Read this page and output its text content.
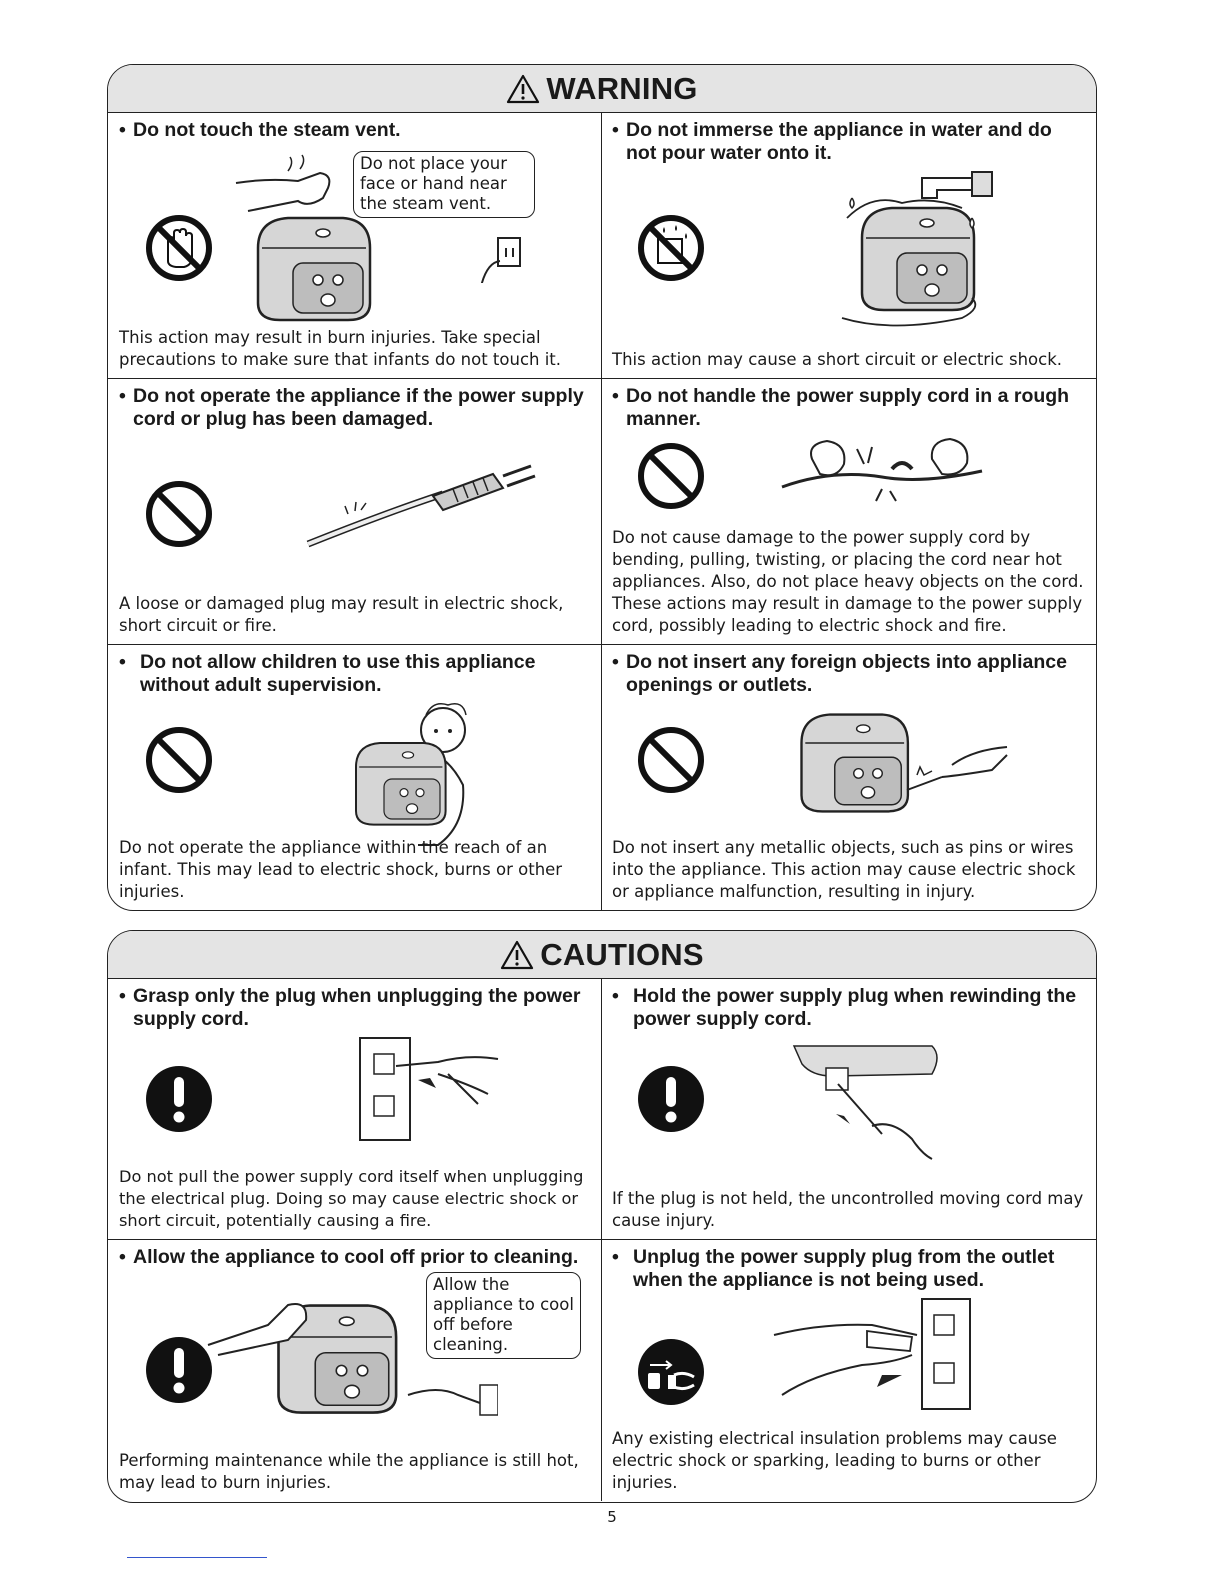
WARNING
• Do not touch the steam vent.
Do not place your face or hand near the steam vent.
This action may result in burn injuries. Take special precautions to make sure that infants do not touch it.
• Do not immerse the appliance in water and do not pour water onto it.
This action may cause a short circuit or electric shock.
• Do not operate the appliance if the power supply cord or plug has been damaged.
A loose or damaged plug may result in electric shock, short circuit or fire.
• Do not handle the power supply cord in a rough manner.
Do not cause damage to the power supply cord by bending, pulling, twisting, or placing the cord near hot appliances. Also, do not place heavy objects on the cord. These actions may result in damage to the power supply cord, possibly leading to electric shock and fire.
• Do not allow children to use this appliance without adult supervision.
Do not operate the appliance within the reach of an infant. This may lead to electric shock, burns or other injuries.
• Do not insert any foreign objects into appliance openings or outlets.
Do not insert any metallic objects, such as pins or wires into the appliance. This action may cause electric shock or appliance malfunction, resulting in injury.
CAUTIONS
• Grasp only the plug when unplugging the power supply cord.
Do not pull the power supply cord itself when unplugging the electrical plug. Doing so may cause electric shock or short circuit, potentially causing a fire.
• Hold the power supply plug when rewinding the power supply cord.
If the plug is not held, the uncontrolled moving cord may cause injury.
• Allow the appliance to cool off prior to cleaning.
Allow the appliance to cool off before cleaning.
Performing maintenance while the appliance is still hot, may lead to burn injuries.
• Unplug the power supply plug from the outlet when the appliance is not being used.
Any existing electrical insulation problems may cause electric shock or sparking, leading to burns or other injuries.
5
